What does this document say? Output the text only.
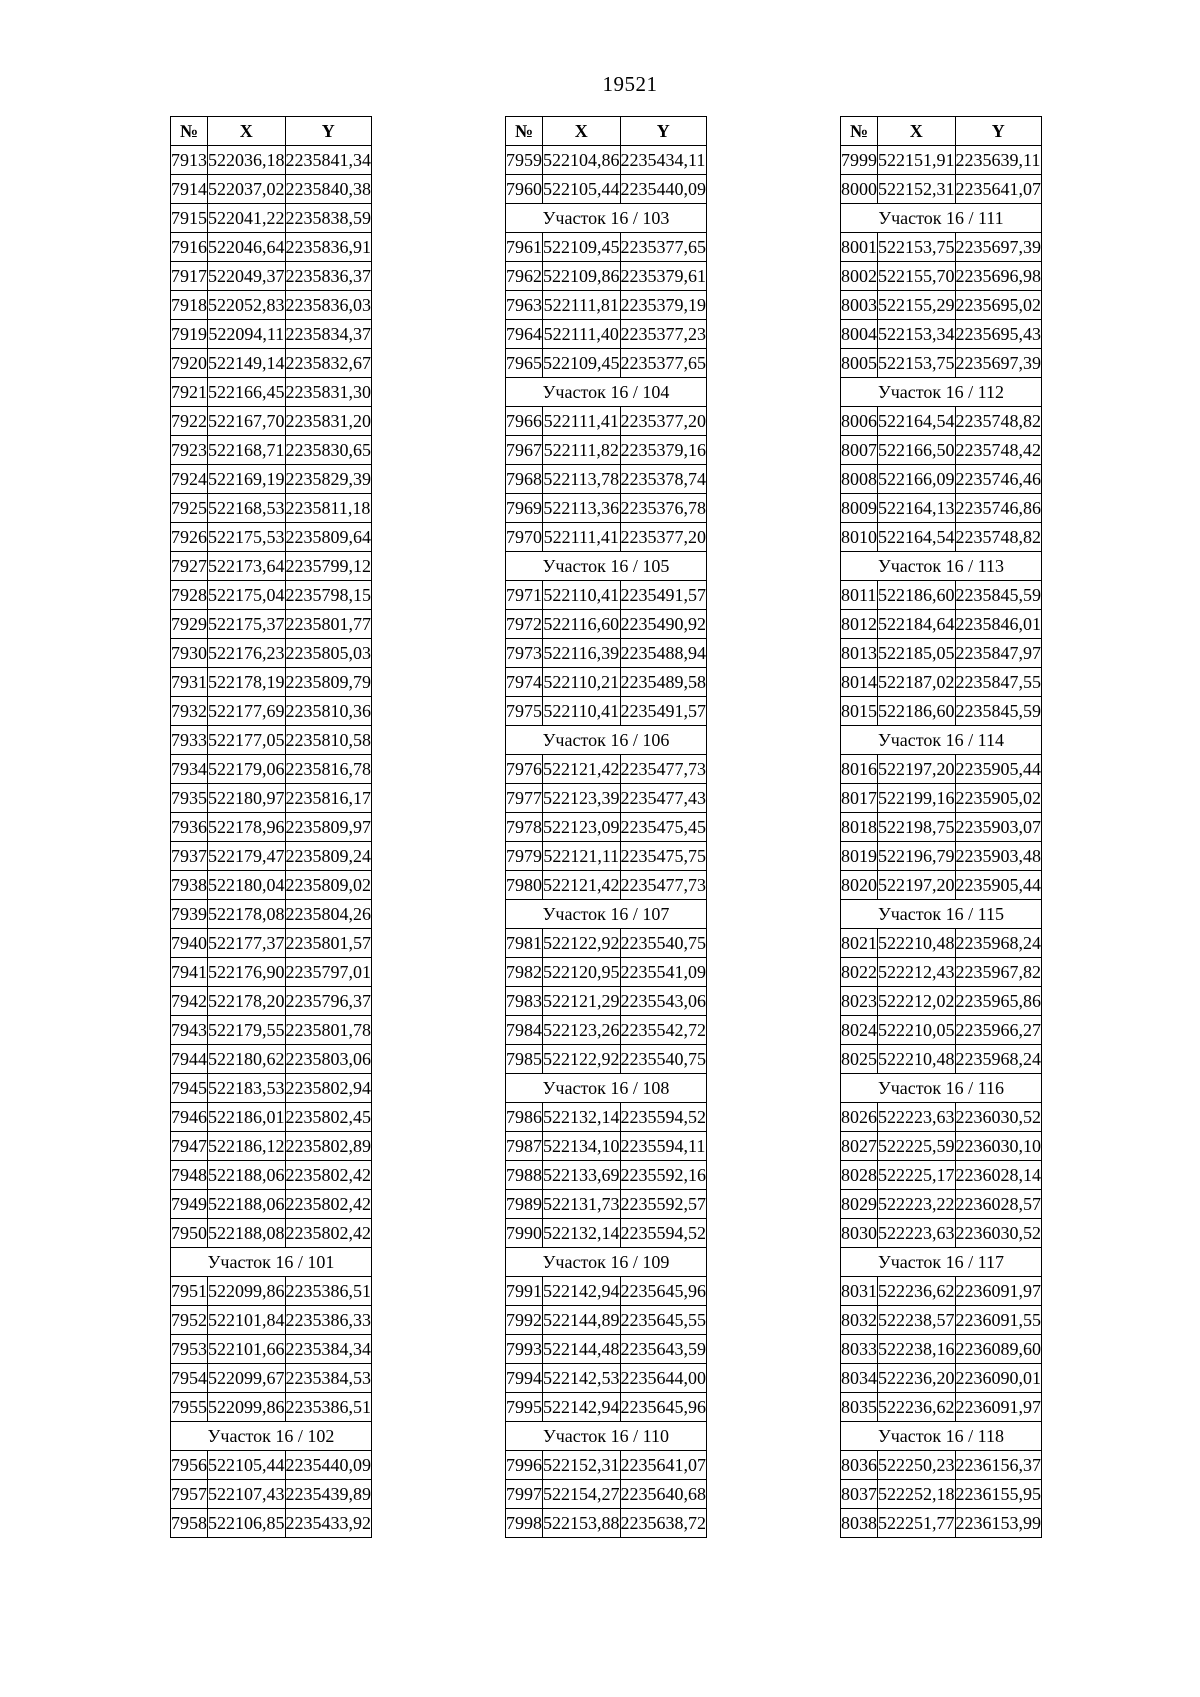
19521
№	X	Y
7913	522036,18	2235841,34
7914	522037,02	2235840,38
7915	522041,22	2235838,59
7916	522046,64	2235836,91
7917	522049,37	2235836,37
7918	522052,83	2235836,03
7919	522094,11	2235834,37
7920	522149,14	2235832,67
7921	522166,45	2235831,30
7922	522167,70	2235831,20
7923	522168,71	2235830,65
7924	522169,19	2235829,39
7925	522168,53	2235811,18
7926	522175,53	2235809,64
7927	522173,64	2235799,12
7928	522175,04	2235798,15
7929	522175,37	2235801,77
7930	522176,23	2235805,03
7931	522178,19	2235809,79
7932	522177,69	2235810,36
7933	522177,05	2235810,58
7934	522179,06	2235816,78
7935	522180,97	2235816,17
7936	522178,96	2235809,97
7937	522179,47	2235809,24
7938	522180,04	2235809,02
7939	522178,08	2235804,26
7940	522177,37	2235801,57
7941	522176,90	2235797,01
7942	522178,20	2235796,37
7943	522179,55	2235801,78
7944	522180,62	2235803,06
7945	522183,53	2235802,94
7946	522186,01	2235802,45
7947	522186,12	2235802,89
7948	522188,06	2235802,42
7949	522188,06	2235802,42
7950	522188,08	2235802,42
Участок 16 / 101		
7951	522099,86	2235386,51
7952	522101,84	2235386,33
7953	522101,66	2235384,34
7954	522099,67	2235384,53
7955	522099,86	2235386,51
Участок 16 / 102		
7956	522105,44	2235440,09
7957	522107,43	2235439,89
7958	522106,85	2235433,92
№	X	Y
7959	522104,86	2235434,11
7960	522105,44	2235440,09
Участок 16 / 103		
7961	522109,45	2235377,65
7962	522109,86	2235379,61
7963	522111,81	2235379,19
7964	522111,40	2235377,23
7965	522109,45	2235377,65
Участок 16 / 104		
7966	522111,41	2235377,20
7967	522111,82	2235379,16
7968	522113,78	2235378,74
7969	522113,36	2235376,78
7970	522111,41	2235377,20
Участок 16 / 105		
7971	522110,41	2235491,57
7972	522116,60	2235490,92
7973	522116,39	2235488,94
7974	522110,21	2235489,58
7975	522110,41	2235491,57
Участок 16 / 106		
7976	522121,42	2235477,73
7977	522123,39	2235477,43
7978	522123,09	2235475,45
7979	522121,11	2235475,75
7980	522121,42	2235477,73
Участок 16 / 107		
7981	522122,92	2235540,75
7982	522120,95	2235541,09
7983	522121,29	2235543,06
7984	522123,26	2235542,72
7985	522122,92	2235540,75
Участок 16 / 108		
7986	522132,14	2235594,52
7987	522134,10	2235594,11
7988	522133,69	2235592,16
7989	522131,73	2235592,57
7990	522132,14	2235594,52
Участок 16 / 109		
7991	522142,94	2235645,96
7992	522144,89	2235645,55
7993	522144,48	2235643,59
7994	522142,53	2235644,00
7995	522142,94	2235645,96
Участок 16 / 110		
7996	522152,31	2235641,07
7997	522154,27	2235640,68
7998	522153,88	2235638,72
№	X	Y
7999	522151,91	2235639,11
8000	522152,31	2235641,07
Участок 16 / 111		
8001	522153,75	2235697,39
8002	522155,70	2235696,98
8003	522155,29	2235695,02
8004	522153,34	2235695,43
8005	522153,75	2235697,39
Участок 16 / 112		
8006	522164,54	2235748,82
8007	522166,50	2235748,42
8008	522166,09	2235746,46
8009	522164,13	2235746,86
8010	522164,54	2235748,82
Участок 16 / 113		
8011	522186,60	2235845,59
8012	522184,64	2235846,01
8013	522185,05	2235847,97
8014	522187,02	2235847,55
8015	522186,60	2235845,59
Участок 16 / 114		
8016	522197,20	2235905,44
8017	522199,16	2235905,02
8018	522198,75	2235903,07
8019	522196,79	2235903,48
8020	522197,20	2235905,44
Участок 16 / 115		
8021	522210,48	2235968,24
8022	522212,43	2235967,82
8023	522212,02	2235965,86
8024	522210,05	2235966,27
8025	522210,48	2235968,24
Участок 16 / 116		
8026	522223,63	2236030,52
8027	522225,59	2236030,10
8028	522225,17	2236028,14
8029	522223,22	2236028,57
8030	522223,63	2236030,52
Участок 16 / 117		
8031	522236,62	2236091,97
8032	522238,57	2236091,55
8033	522238,16	2236089,60
8034	522236,20	2236090,01
8035	522236,62	2236091,97
Участок 16 / 118		
8036	522250,23	2236156,37
8037	522252,18	2236155,95
8038	522251,77	2236153,99
